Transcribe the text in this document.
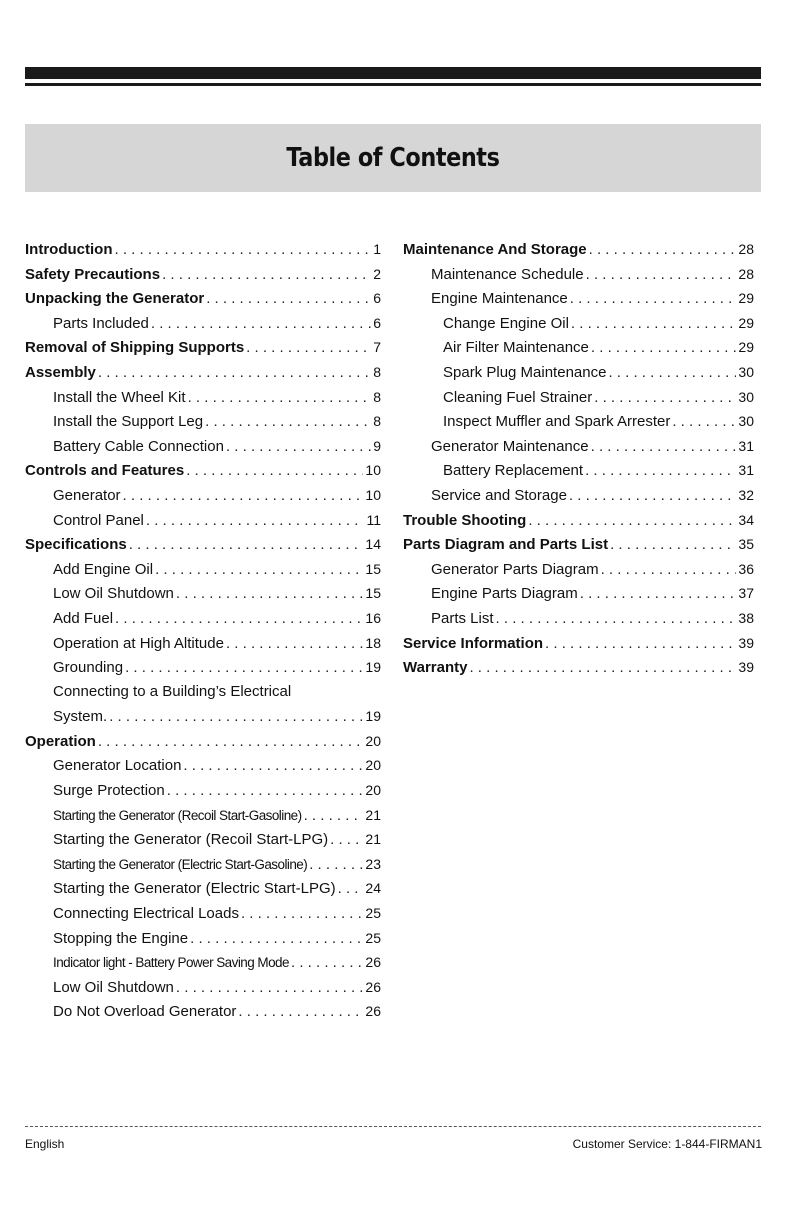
Table of Contents
Introduction . . .	1
Safety Precautions . . .	2
Unpacking the Generator . . .	6
Parts Included . . .	6
Removal of Shipping Supports . . .	7
Assembly . . .	8
Install the Wheel Kit . . .	8
Install the Support Leg . . .	8
Battery Cable Connection . . .	9
Controls and Features . . .	10
Generator . . .	10
Control Panel . . .	11
Specifications . . .	14
Add Engine Oil . . .	15
Low Oil Shutdown . . .	15
Add Fuel . . .	16
Operation at High Altitude . . .	18
Grounding . . .	19
Connecting to a Building’s Electrical
System. . . .	19
Operation . . .	20
Generator Location . . .	20
Surge Protection . . .	20
Starting the Generator (Recoil Start-Gasoline) . . .	21
Starting the Generator (Recoil Start-LPG) . . .	21
Starting the Generator (Electric Start-Gasoline) . . .	23
Starting the Generator (Electric Start-LPG) . . . 24
Connecting Electrical Loads . . .	25
Stopping the Engine . . .	25
Indicator light - Battery Power Saving Mode . . .	26
Low Oil Shutdown . . .	26
Do Not Overload Generator . . .	26
Maintenance And Storage . . .	28
Maintenance Schedule . . .	28
Engine Maintenance . . .	29
Change Engine Oil . . .	29
Air Filter Maintenance . . .	29
Spark Plug Maintenance . . .	30
Cleaning Fuel Strainer . . .	30
Inspect Muffler and Spark Arrester . . .	30
Generator Maintenance . . .	31
Battery Replacement . . .	31
Service and Storage . . .	32
Trouble Shooting . . .	34
Parts Diagram and Parts List . . .	35
Generator Parts Diagram . . .	36
Engine Parts Diagram . . .	37
Parts List . . .	38
Service Information . . .	39
Warranty . . .	39
English	Customer Service: 1-844-FIRMAN1
